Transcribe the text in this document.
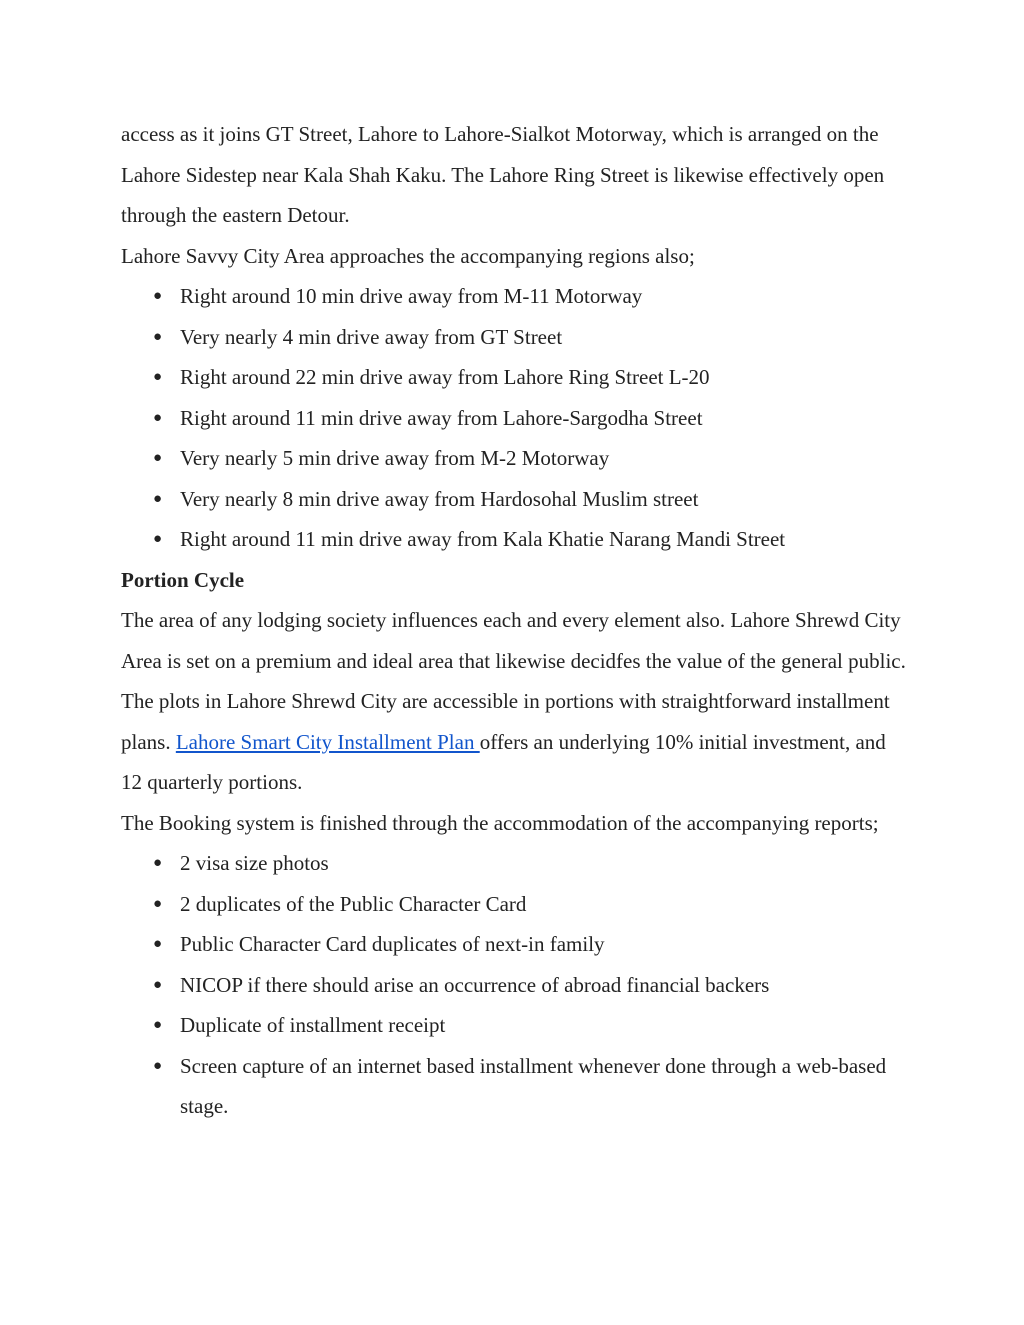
access as it joins GT Street, Lahore to Lahore-Sialkot Motorway, which is arranged on the Lahore Sidestep near Kala Shah Kaku. The Lahore Ring Street is likewise effectively open through the eastern Detour.

Lahore Savvy City Area approaches the accompanying regions also;

● Right around 10 min drive away from M-11 Motorway
● Very nearly 4 min drive away from GT Street
● Right around 22 min drive away from Lahore Ring Street L-20
● Right around 11 min drive away from Lahore-Sargodha Street
● Very nearly 5 min drive away from M-2 Motorway
● Very nearly 8 min drive away from Hardosohal Muslim street
● Right around 11 min drive away from Kala Khatie Narang Mandi Street

Portion Cycle

The area of any lodging society influences each and every element also. Lahore Shrewd City Area is set on a premium and ideal area that likewise decidfes the value of the general public.

The plots in Lahore Shrewd City are accessible in portions with straightforward installment plans. Lahore Smart City Installment Plan offers an underlying 10% initial investment, and 12 quarterly portions.

The Booking system is finished through the accommodation of the accompanying reports;

● 2 visa size photos
● 2 duplicates of the Public Character Card
● Public Character Card duplicates of next-in family
● NICOP if there should arise an occurrence of abroad financial backers
● Duplicate of installment receipt
● Screen capture of an internet based installment whenever done through a web-based stage.
